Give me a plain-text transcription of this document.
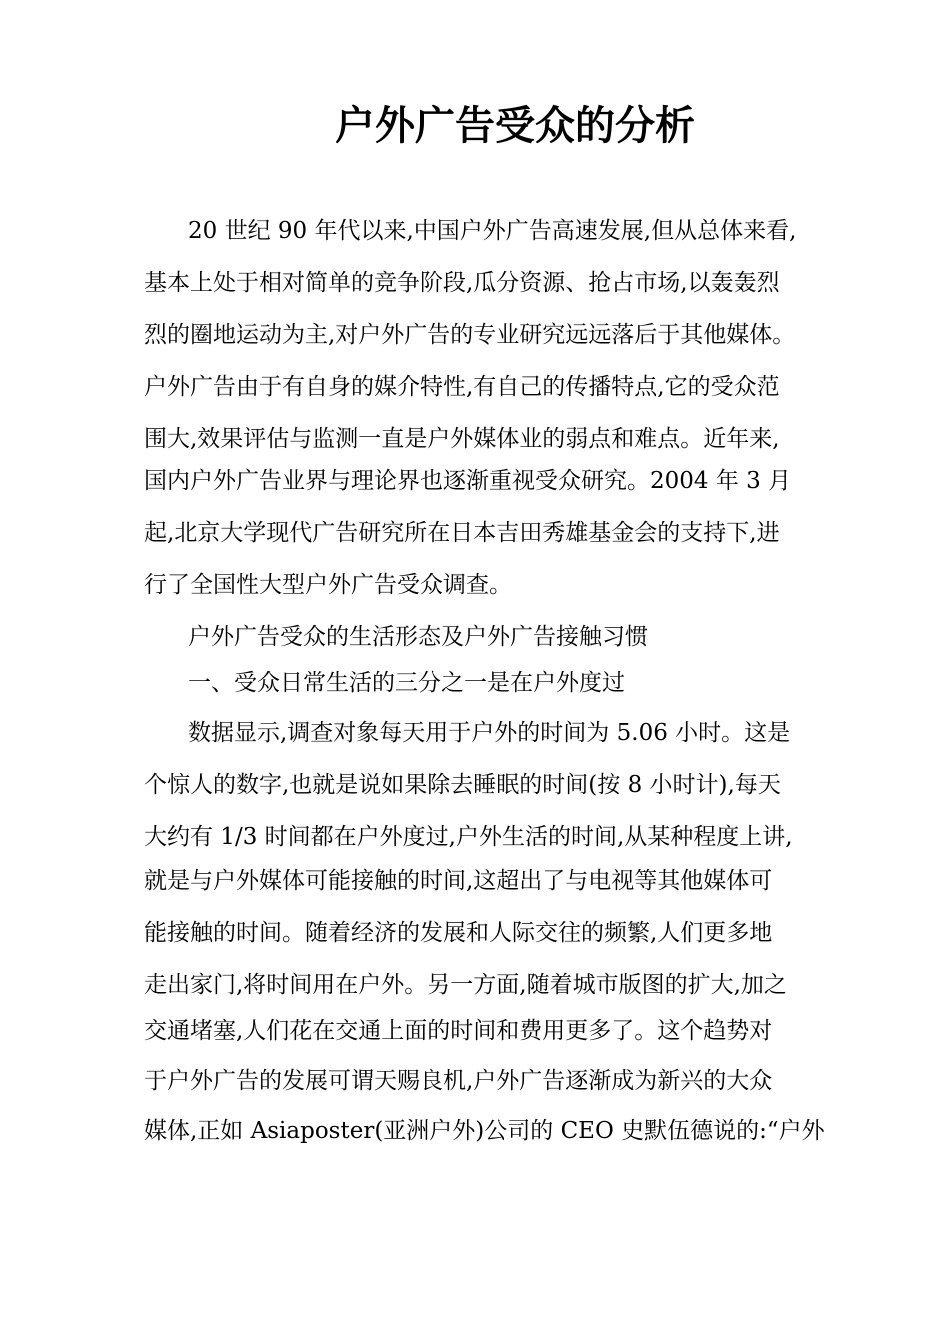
户外广告受众的分析

20 世纪 90 年代以来,中国户外广告高速发展,但从总体来看,

基本上处于相对简单的竞争阶段,瓜分资源、抢占市场,以轰轰烈

烈的圈地运动为主,对户外广告的专业研究远远落后于其他媒体。

户外广告由于有自身的媒介特性,有自己的传播特点,它的受众范

围大,效果评估与监测一直是户外媒体业的弱点和难点。近年来,

国内户外广告业界与理论界也逐渐重视受众研究。2004 年 3 月

起,北京大学现代广告研究所在日本吉田秀雄基金会的支持下,进

行了全国性大型户外广告受众调查。

户外广告受众的生活形态及户外广告接触习惯

一、受众日常生活的三分之一是在户外度过

数据显示,调查对象每天用于户外的时间为 5.06 小时。这是

个惊人的数字,也就是说如果除去睡眠的时间(按 8 小时计),每天

大约有 1/3 时间都在户外度过,户外生活的时间,从某种程度上讲,

就是与户外媒体可能接触的时间,这超出了与电视等其他媒体可

能接触的时间。随着经济的发展和人际交往的频繁,人们更多地

走出家门,将时间用在户外。另一方面,随着城市版图的扩大,加之

交通堵塞,人们花在交通上面的时间和费用更多了。这个趋势对

于户外广告的发展可谓天赐良机,户外广告逐渐成为新兴的大众

媒体,正如 Asiaposter(亚洲户外)公司的 CEO 史默伍德说的:“户外
